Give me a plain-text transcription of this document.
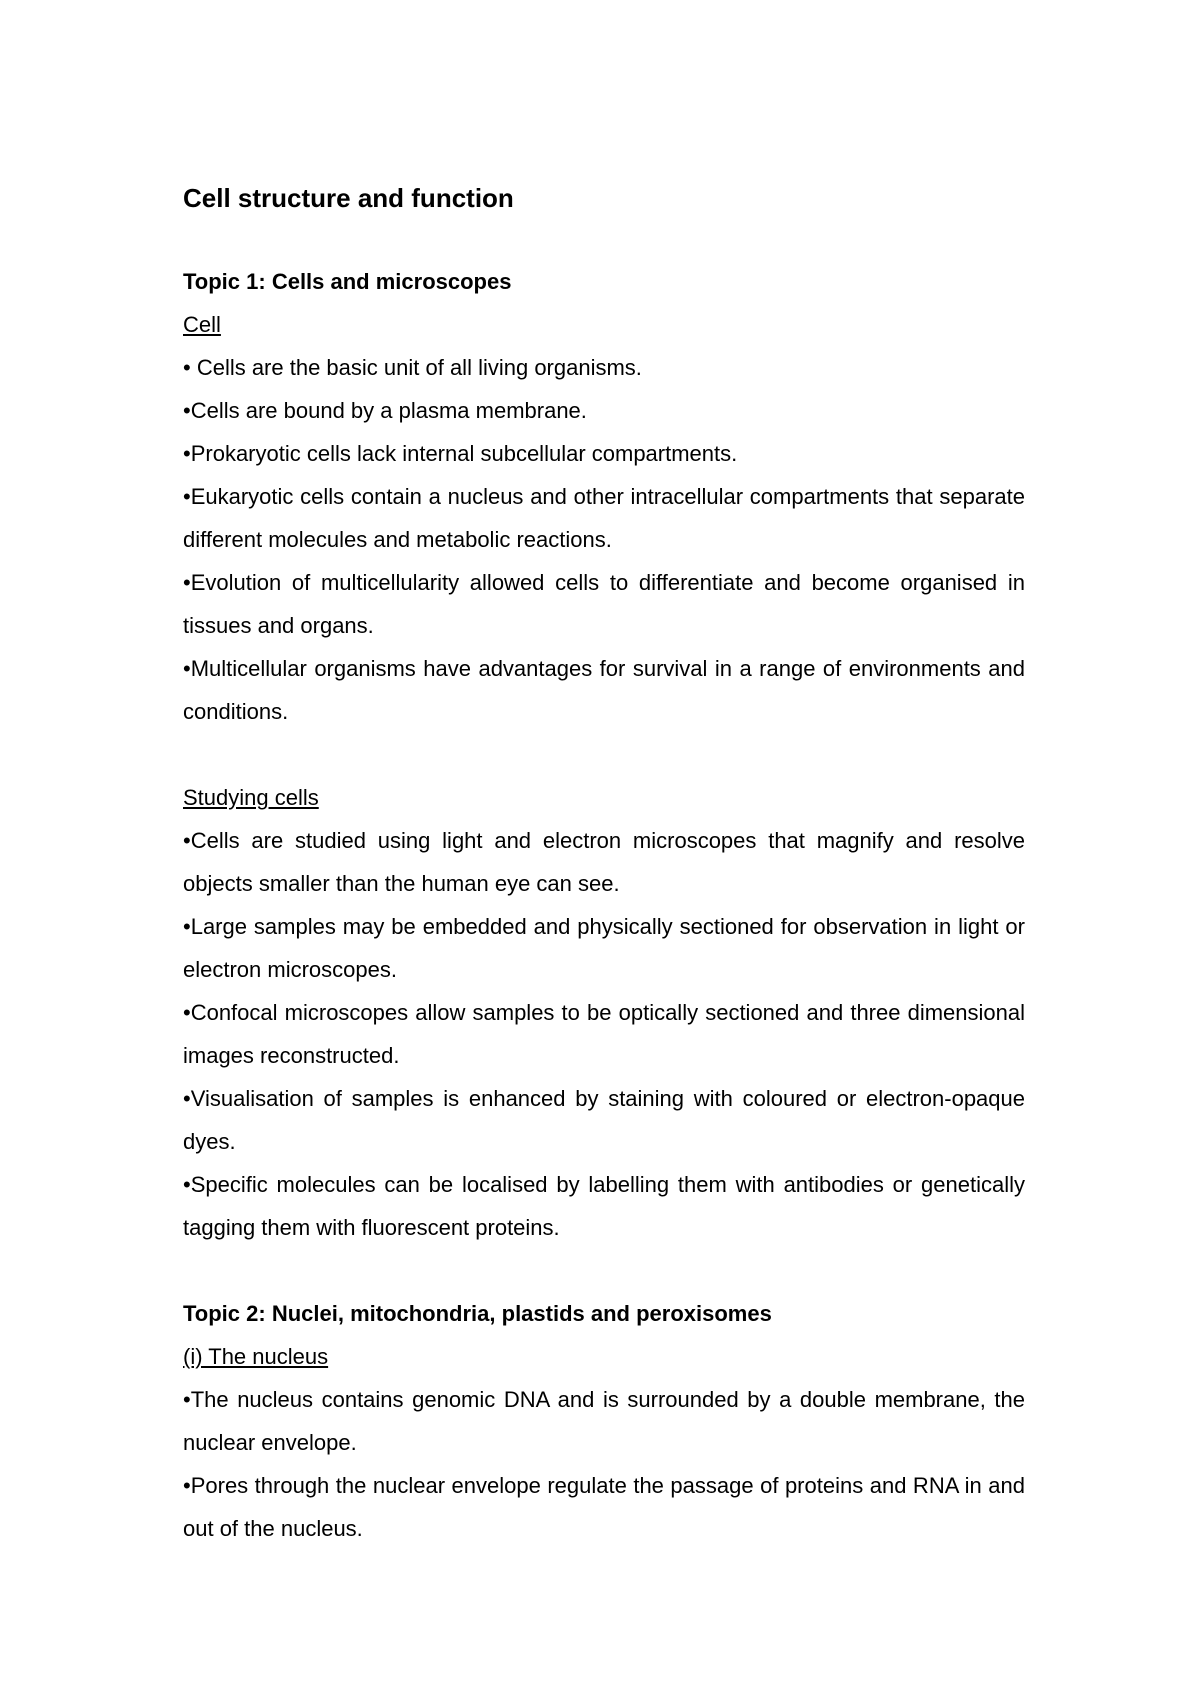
Cell structure and function
Topic 1: Cells and microscopes
Cell

• Cells are the basic unit of all living organisms.

•Cells are bound by a plasma membrane.

•Prokaryotic cells lack internal subcellular compartments.

•Eukaryotic cells contain a nucleus and other intracellular compartments that separate different molecules and metabolic reactions.

•Evolution of multicellularity allowed cells to differentiate and become organised in tissues and organs.

•Multicellular organisms have advantages for survival in a range of environments and conditions.

Studying cells

•Cells are studied using light and electron microscopes that magnify and resolve objects smaller than the human eye can see.

•Large samples may be embedded and physically sectioned for observation in light or electron microscopes.

•Confocal microscopes allow samples to be optically sectioned and three dimensional images reconstructed.

•Visualisation of samples is enhanced by staining with coloured or electron-opaque dyes.

•Specific molecules can be localised by labelling them with antibodies or genetically tagging them with fluorescent proteins.

Topic 2: Nuclei, mitochondria, plastids and peroxisomes
(i) The nucleus

•The nucleus contains genomic DNA and is surrounded by a double membrane, the nuclear envelope.

•Pores through the nuclear envelope regulate the passage of proteins and RNA in and out of the nucleus.
